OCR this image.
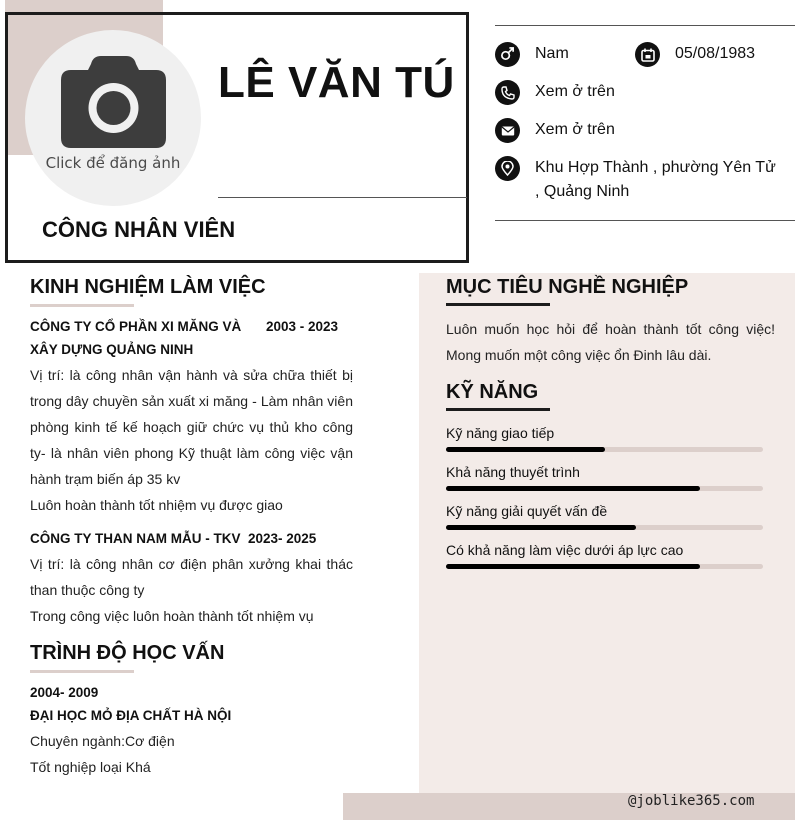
Click để đăng ảnh
LÊ VĂN TÚ
CÔNG NHÂN VIÊN
Nam	05/08/1983
Xem ở trên
Xem ở trên
Khu Hợp Thành , phường Yên Tử , Quảng Ninh
KINH NGHIỆM LÀM VIỆC
CÔNG TY CỔ PHẦN XI MĂNG VÀ XÂY DỰNG QUẢNG NINH
2003 - 2023
Vị trí: là công nhân vận hành và sửa chữa thiết bị trong dây chuyền sản xuất xi măng - Làm nhân viên phòng kinh tế kế hoạch giữ chức vụ thủ kho công ty- là nhân viên phong Kỹ thuật làm công việc vận hành trạm biến áp 35 kv
Luôn hoàn thành tốt nhiệm vụ được giao
CÔNG TY THAN NAM MẪU - TKV 2023- 2025
Vị trí: là công nhân cơ điện phân xưởng khai thác than thuộc công ty
Trong công việc luôn hoàn thành tốt nhiệm vụ
TRÌNH ĐỘ HỌC VẤN
2004- 2009
ĐẠI HỌC MỎ ĐỊA CHẤT HÀ NỘI
Chuyên ngành:Cơ điện
Tốt nghiệp loại Khá
MỤC TIÊU NGHỀ NGHIỆP
Luôn muốn học hỏi để hoàn thành tốt công việc! Mong muốn một công việc ổn Đinh lâu dài.
KỸ NĂNG
Kỹ năng giao tiếp
Khả năng thuyết trình
Kỹ năng giải quyết vấn đề
Có khả năng làm việc dưới áp lực cao
@joblike365.com
